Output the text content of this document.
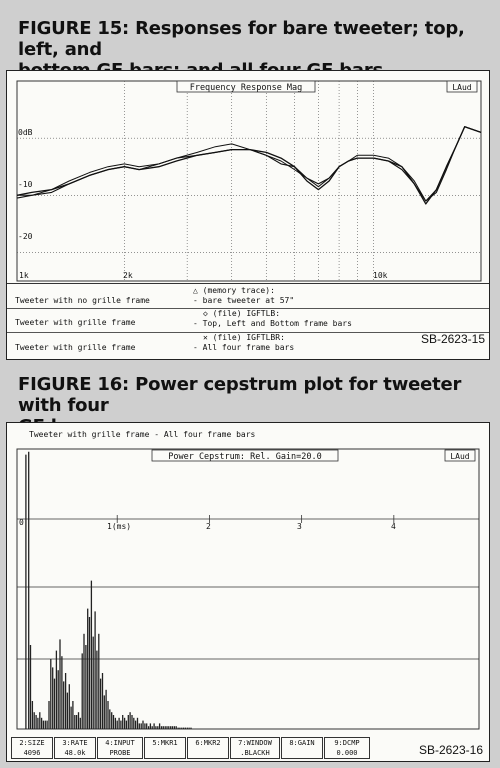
FIGURE 15: Responses for bare tweeter; top, left, and
Frequency Response Mag	LAud
0dB
-10
-20
1k	2k	10k
△ (memory trace):
Tweeter with no grille frame	- bare tweeter at 57"
◇ (file) IGFTLB:
Tweeter with grille frame	- Top, Left and Bottom frame bars
✕ (file) IGFTLBR:
Tweeter with grille frame	- All four frame bars
SB-2623-15
FIGURE 16: Power cepstrum plot for tweeter with four
Tweeter with grille frame - All four frame bars
Power Cepstrum: Rel. Gain=20.0	LAud
0	1(ms)	2	3	4
2:SIZE
4096
3:RATE
48.0k
4:INPUT
PROBE
5:MKR1	6:MKR2	7:WINDOW
.BLACKH
8:GAIN	9:DCMP
0.000	SB-2623-16
